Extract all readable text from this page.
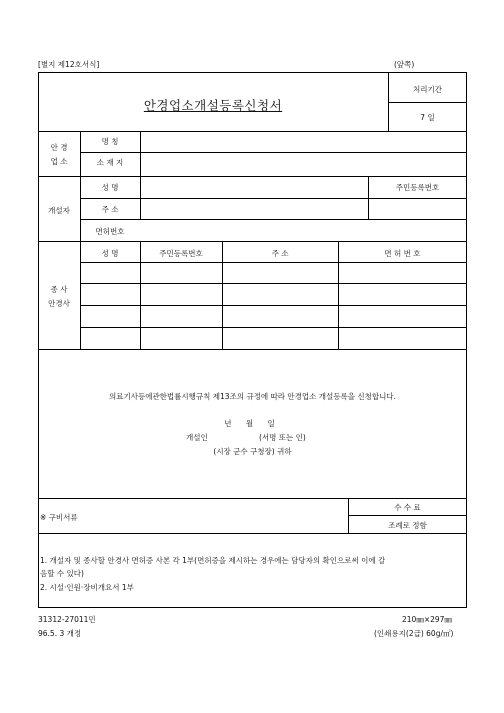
[별지 제12호서식]	(앞쪽)
안경업소개설등록신청서
처리기간
7 일
안 경
업 소
명 칭
소 재 지
개설자
성 명	주민등록번호
주 소
면허번호
종 사
안경사
성 명	주민등록번호	주 소	면 허 번 호
의료기사등에관한법률시행규칙 제13조의 규정에 따라 안경업소 개설등록을 신청합니다.
년 월 일
개설인	(서명 또는 인)
(시장 군수 구청장) 귀하
※ 구비서류
수 수 료
조례로 정함
1. 개설자 및 종사할 안경사 면허증 사본 각 1부(면허증을 제시하는 경우에는 담당자의 확인으로써 이에 갈
음할 수 있다)
2. 시설·인원·장비개요서 1부
31312-27011민	210㎜×297㎜
96.5. 3 개정	(인쇄용지(2급) 60g/㎡)
